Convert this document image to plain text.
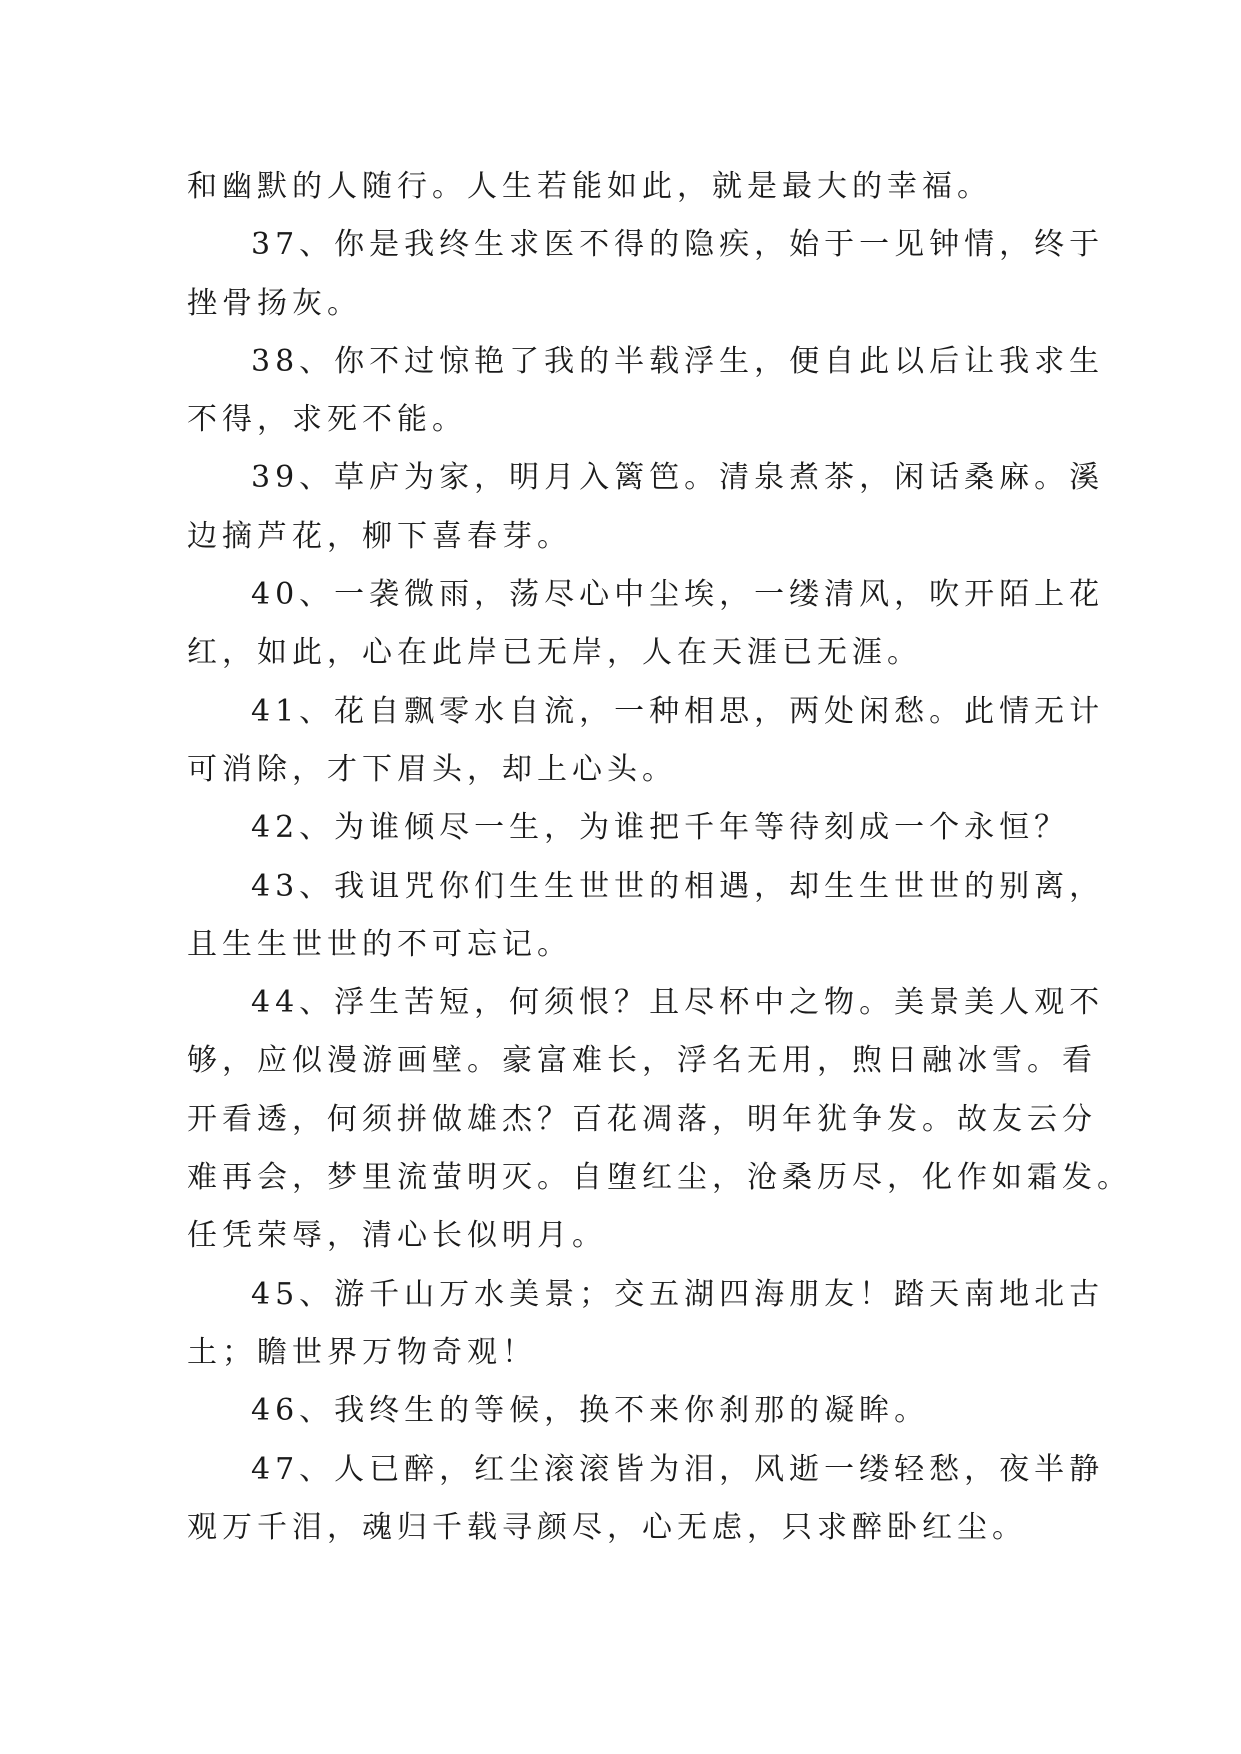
和幽默的人随行。人生若能如此，就是最大的幸福。
37、你是我终生求医不得的隐疾，始于一见钟情，终于
挫骨扬灰。
38、你不过惊艳了我的半载浮生，便自此以后让我求生
不得，求死不能。
39、草庐为家，明月入篱笆。清泉煮茶，闲话桑麻。溪
边摘芦花，柳下喜春芽。
40、一袭微雨，荡尽心中尘埃，一缕清风，吹开陌上花
红，如此，心在此岸已无岸，人在天涯已无涯。
41、花自飘零水自流，一种相思，两处闲愁。此情无计
可消除，才下眉头，却上心头。
42、为谁倾尽一生，为谁把千年等待刻成一个永恒？
43、我诅咒你们生生世世的相遇，却生生世世的别离，
且生生世世的不可忘记。
44、浮生苦短，何须恨？且尽杯中之物。美景美人观不
够，应似漫游画壁。豪富难长，浮名无用，煦日融冰雪。看
开看透，何须拼做雄杰？百花凋落，明年犹争发。故友云分
难再会，梦里流萤明灭。自堕红尘，沧桑历尽，化作如霜发。
任凭荣辱，清心长似明月。
45、游千山万水美景；交五湖四海朋友！踏天南地北古
土；瞻世界万物奇观！
46、我终生的等候，换不来你刹那的凝眸。
47、人已醉，红尘滚滚皆为泪，风逝一缕轻愁，夜半静
观万千泪，魂归千载寻颜尽，心无虑，只求醉卧红尘。
